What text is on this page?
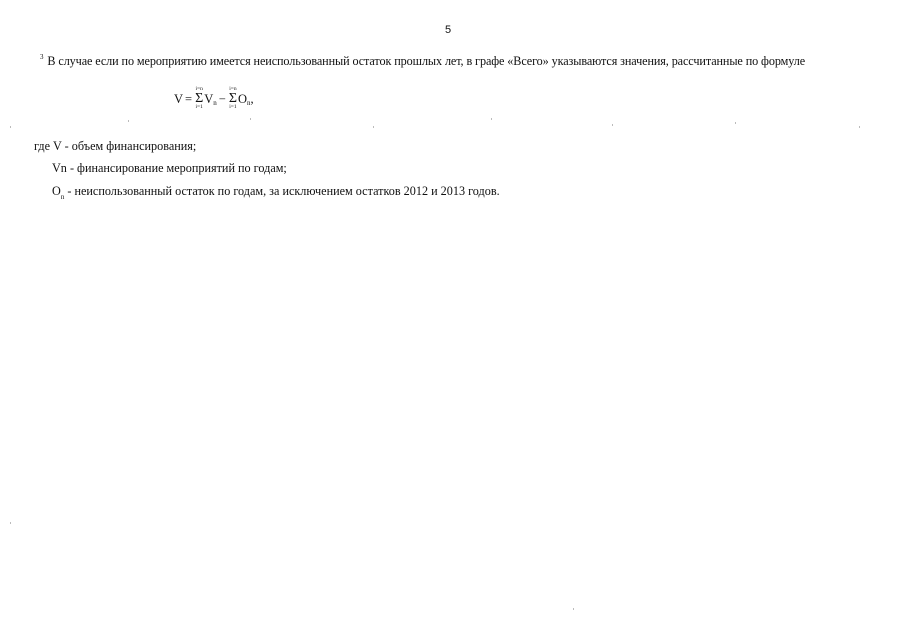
5
$^3$ В случае если по мероприятию имеется неиспользованный остаток прошлых лет, в графе «Всего» указываются значения, рассчитанные по формуле
V =
i=n
Σ
i=1
V n −
i=n
Σ
i=1
O n ,
где V - объем финансирования;
Vn - финансирование мероприятий по годам;
$O_n$ - неиспользованный остаток по годам, за исключением остатков 2012 и 2013 годов.
